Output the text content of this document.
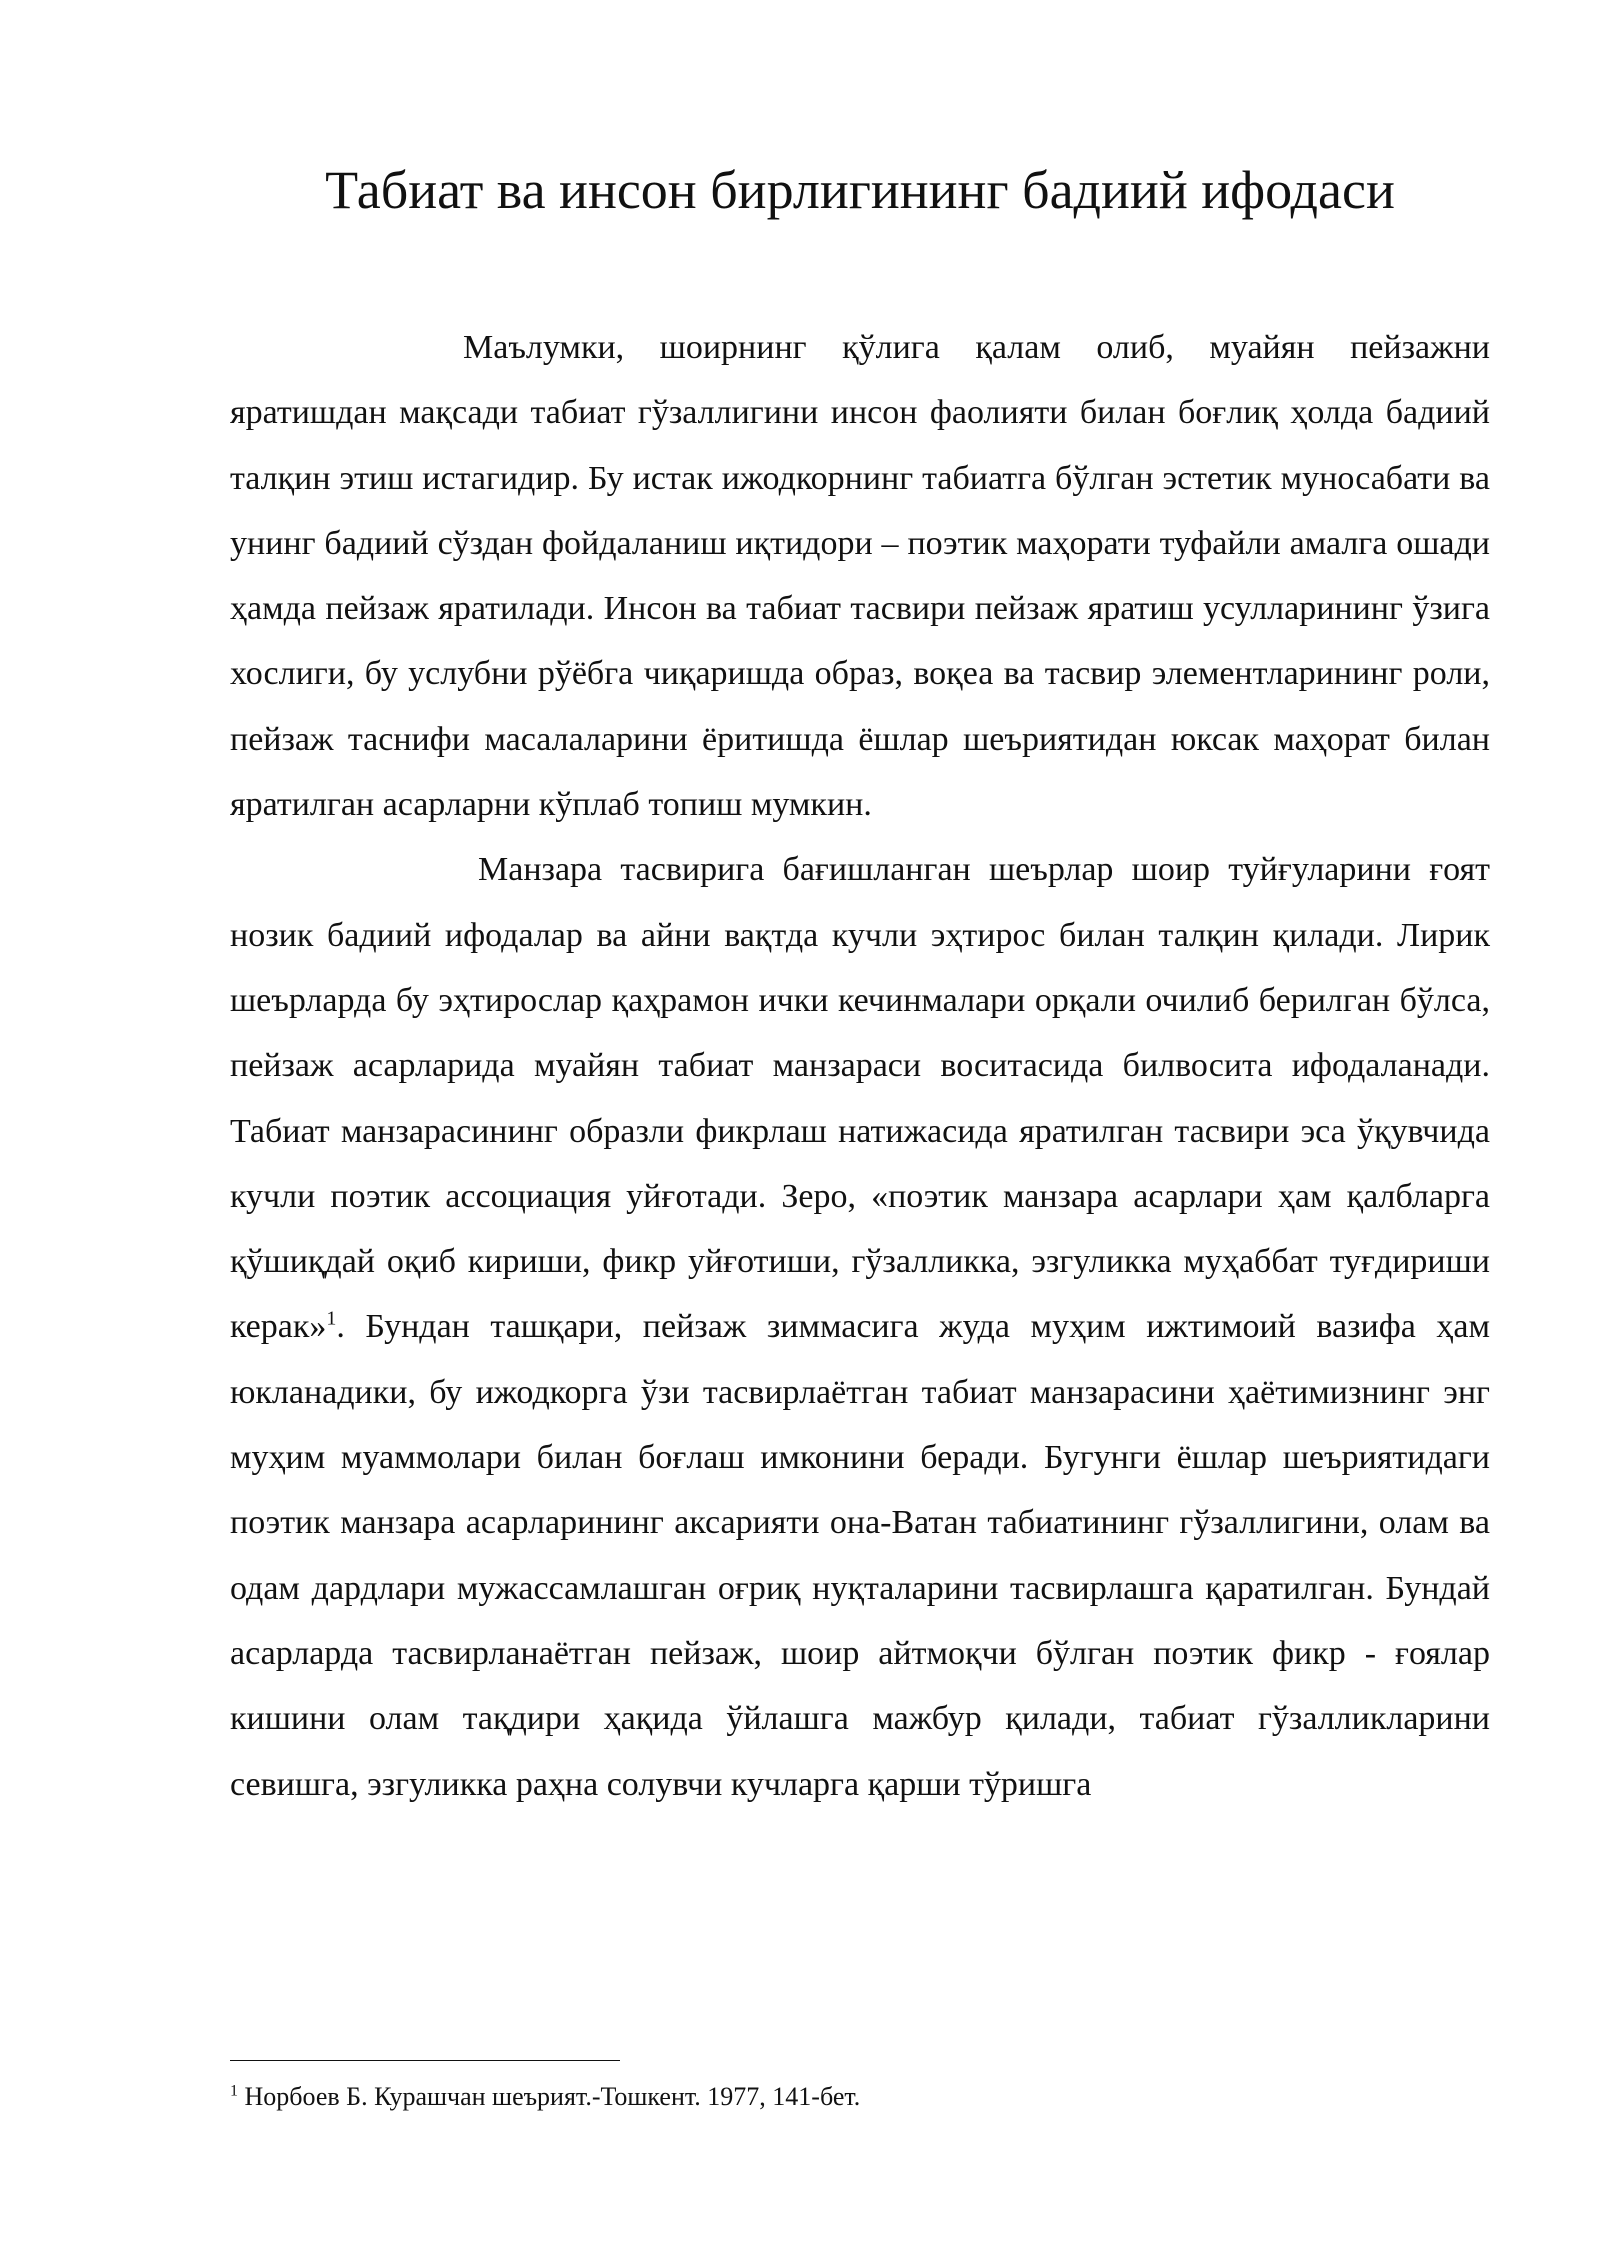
Табиат ва инсон бирлигининг бадиий ифодаси

Маълумки, шоирнинг қўлига қалам олиб, муайян пейзажни яратишдан мақсади табиат гўзаллигини инсон фаолияти билан боғлиқ ҳолда бадиий талқин этиш истагидир. Бу истак ижодкорнинг табиатга бўлган эстетик муносабати ва унинг бадиий сўздан фойдаланиш иқтидори – поэтик маҳорати туфайли амалга ошади ҳамда пейзаж яратилади. Инсон ва табиат тасвири пейзаж яратиш усулларининг ўзига хослиги, бу услубни рўёбга чиқаришда образ, воқеа ва тасвир элементларининг роли, пейзаж таснифи масалаларини ёритишда ёшлар шеъриятидан юксак маҳорат билан яратилган асарларни кўплаб топиш мумкин.

Манзара тасвирига бағишланган шеърлар шоир туйғуларини ғоят нозик бадиий ифодалар ва айни вақтда кучли эҳтирос билан талқин қилади. Лирик шеърларда бу эҳтирослар қаҳрамон ички кечинмалари орқали очилиб берилган бўлса, пейзаж асарларида муайян табиат манзараси воситасида билвосита ифодаланади. Табиат манзарасининг образли фикрлаш натижасида яратилган тасвири эса ўқувчида кучли поэтик ассоциация уйғотади. Зеро, «поэтик манзара асарлари ҳам қалбларга қўшиқдай оқиб кириши, фикр уйғотиши, гўзалликка, эзгуликка муҳаббат туғдириши керак»$^1$. Бундан ташқари, пейзаж зиммасига жуда муҳим ижтимоий вазифа ҳам юкланадики, бу ижодкорга ўзи тасвирлаётган табиат манзарасини ҳаётимизнинг энг муҳим муаммолари билан боғлаш имконини беради. Бугунги ёшлар шеъриятидаги поэтик манзара асарларининг аксарияти она-Ватан табиатининг гўзаллигини, олам ва одам дардлари мужассамлашган оғриқ нуқталарини тасвирлашга қаратилган. Бундай асарларда тасвирланаётган пейзаж, шоир айтмоқчи бўлган поэтик фикр - ғоялар кишини олам тақдири ҳақида ўйлашга мажбур қилади, табиат гўзалликларини севишга, эзгуликка раҳна солувчи кучларга қарши тўришга

$^1$ Норбоев Б. Курашчан шеърият.-Тошкент. 1977, 141-бет.
